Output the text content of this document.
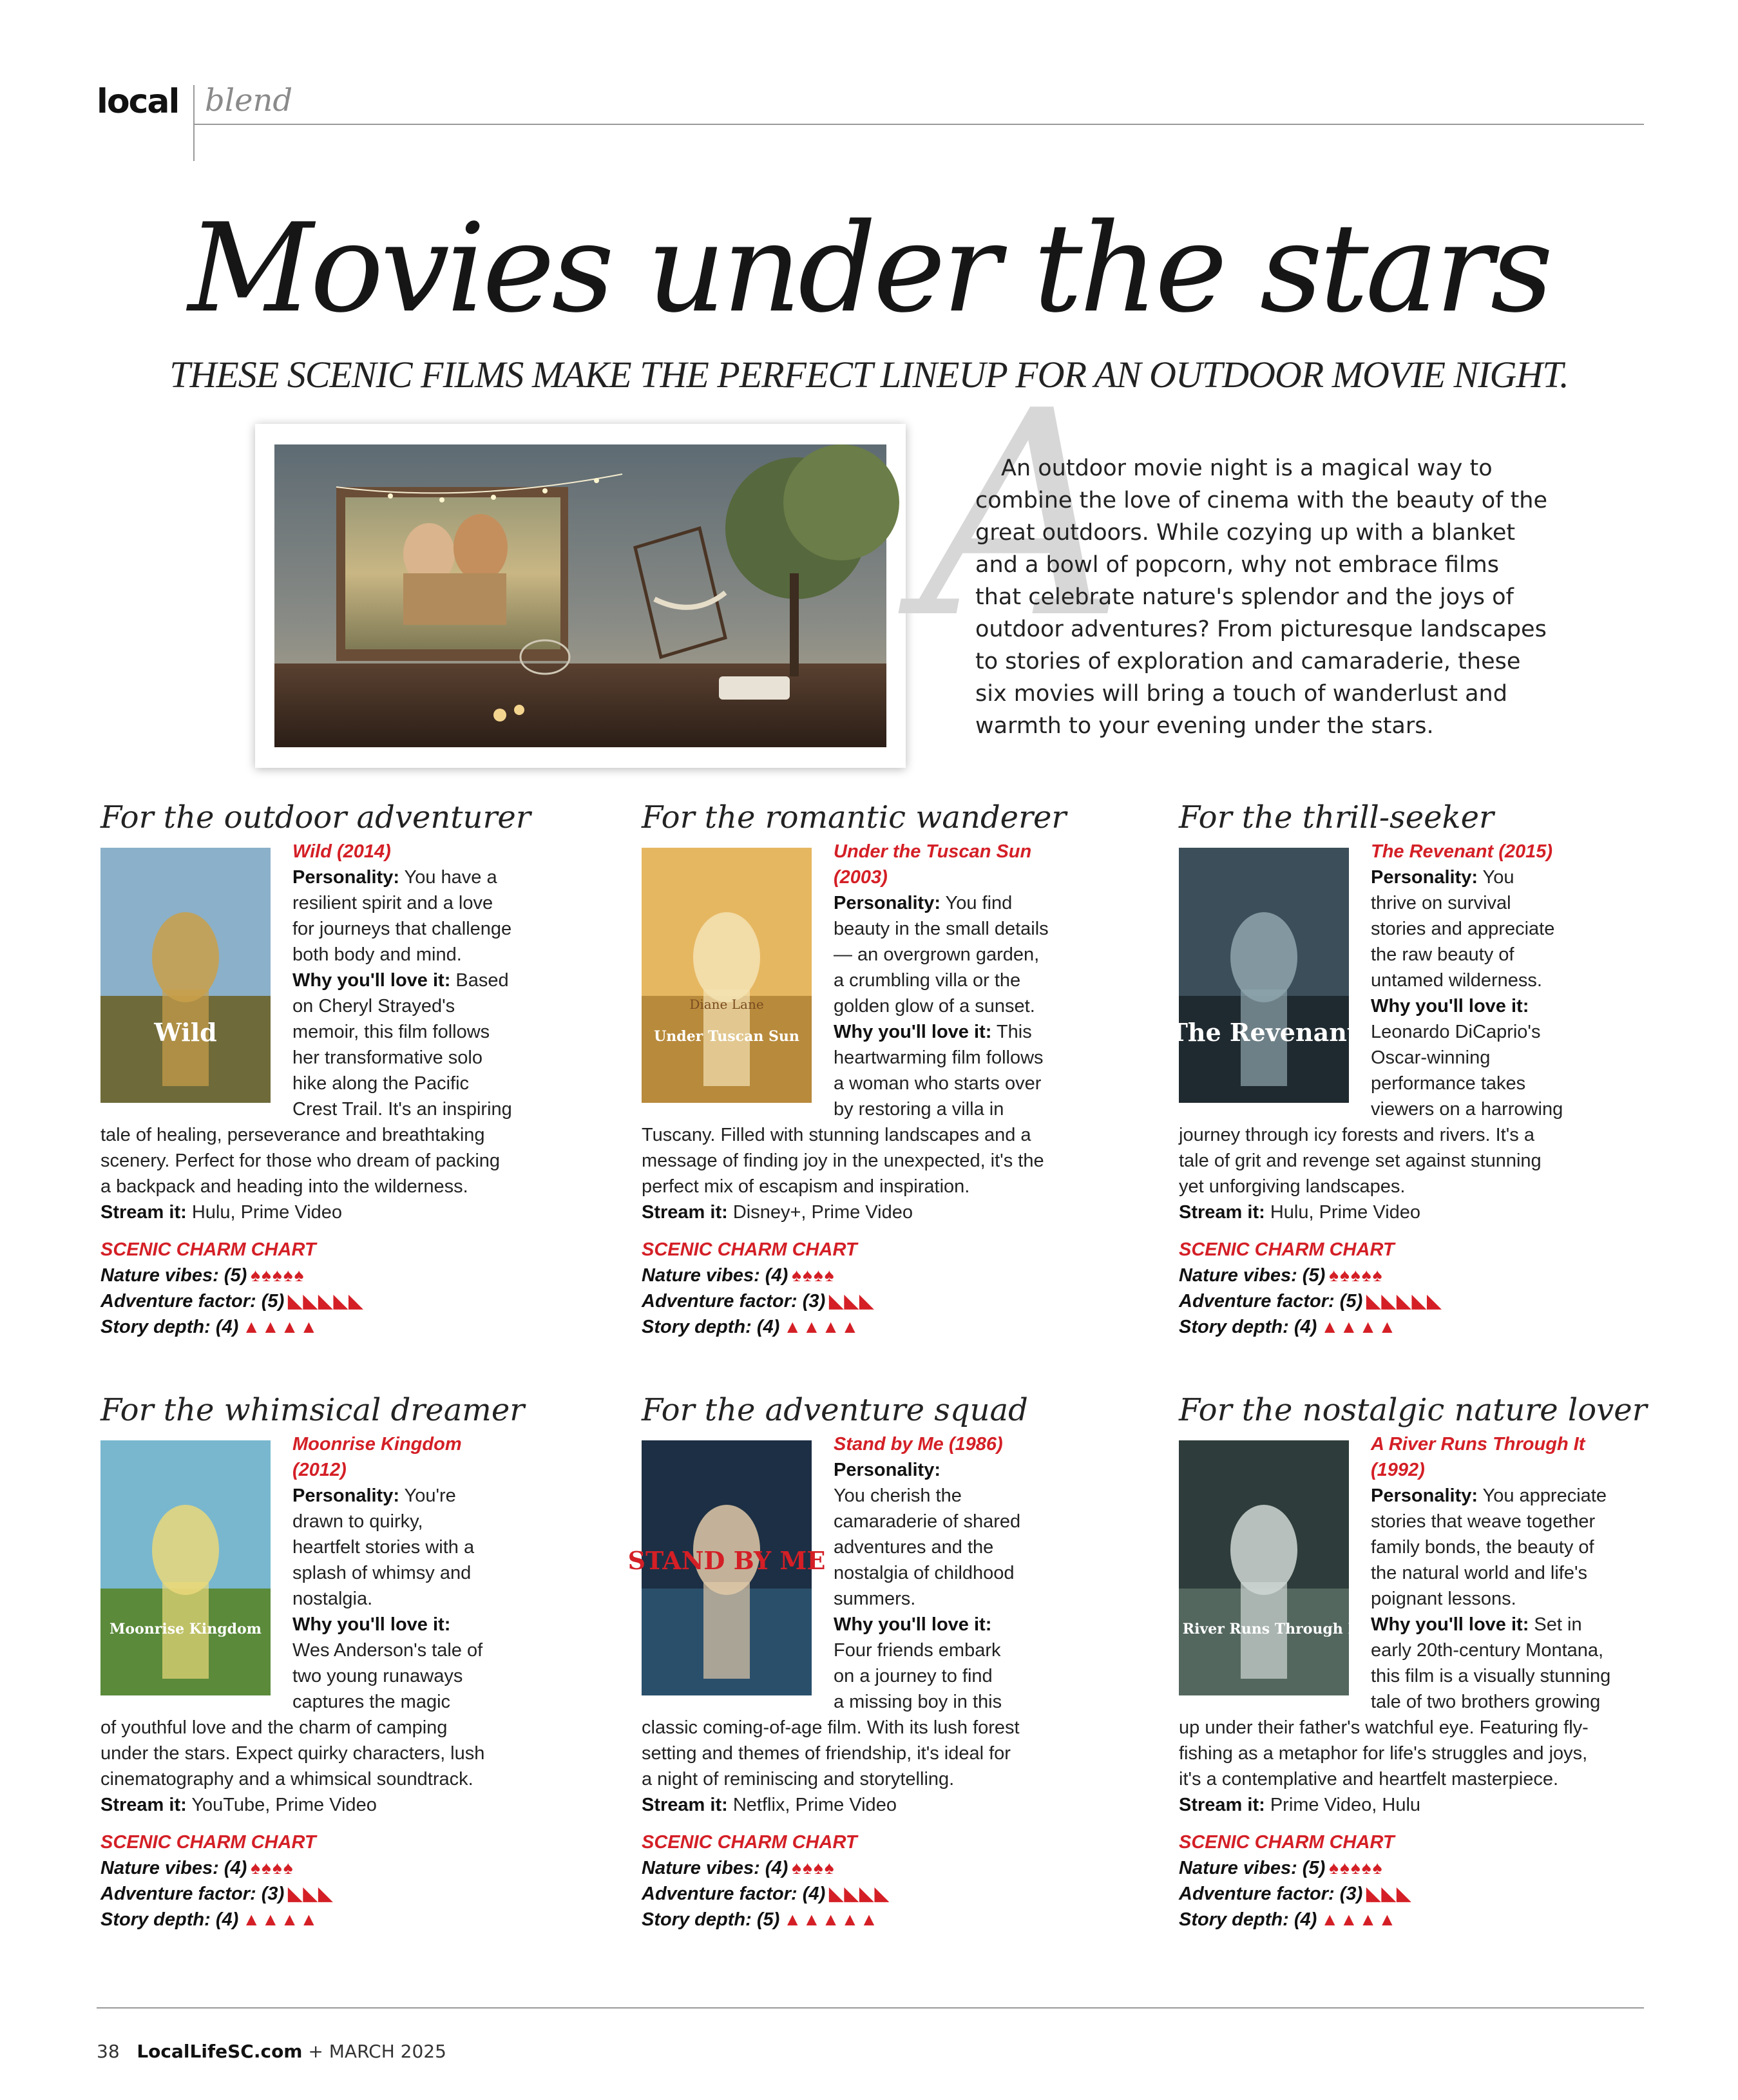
local blend
Movies under the stars
THESE SCENIC FILMS MAKE THE PERFECT LINEUP FOR AN OUTDOOR MOVIE NIGHT.
A
An outdoor movie night is a magical way to
combine the love of cinema with the beauty of the
great outdoors. While cozying up with a blanket
and a bowl of popcorn, why not embrace films
that celebrate nature's splendor and the joys of
outdoor adventures? From picturesque landscapes
to stories of exploration and camaraderie, these
six movies will bring a touch of wanderlust and
warmth to your evening under the stars.
For the outdoor adventurer
Wild
Wild (2014)
Personality: You have a
resilient spirit and a love
for journeys that challenge
both body and mind.
Why you'll love it: Based
on Cheryl Strayed's
memoir, this film follows
her transformative solo
hike along the Pacific
Crest Trail. It's an inspiring
tale of healing, perseverance and breathtaking
scenery. Perfect for those who dream of packing
a backpack and heading into the wilderness.
Stream it: Hulu, Prime Video
SCENIC CHARM CHART
Nature vibes: (5) ♠♠♠♠♠
Adventure factor: (5) ◣◣◣◣◣
Story depth: (4) ▲▲▲▲
For the romantic wanderer
Under Tuscan Sun
Diane Lane
Under the Tuscan Sun
(2003)
Personality: You find
beauty in the small details
— an overgrown garden,
a crumbling villa or the
golden glow of a sunset.
Why you'll love it: This
heartwarming film follows
a woman who starts over
by restoring a villa in
Tuscany. Filled with stunning landscapes and a
message of finding joy in the unexpected, it's the
perfect mix of escapism and inspiration.
Stream it: Disney+, Prime Video
SCENIC CHARM CHART
Nature vibes: (4) ♠♠♠♠
Adventure factor: (3) ◣◣◣
Story depth: (4) ▲▲▲▲
For the thrill-seeker
The Revenant
The Revenant (2015)
Personality: You
thrive on survival
stories and appreciate
the raw beauty of
untamed wilderness.
Why you'll love it:
Leonardo DiCaprio's
Oscar-winning
performance takes
viewers on a harrowing
journey through icy forests and rivers. It's a
tale of grit and revenge set against stunning
yet unforgiving landscapes.
Stream it: Hulu, Prime Video
SCENIC CHARM CHART
Nature vibes: (5) ♠♠♠♠♠
Adventure factor: (5) ◣◣◣◣◣
Story depth: (4) ▲▲▲▲
For the whimsical dreamer
Moonrise Kingdom
Moonrise Kingdom
(2012)
Personality: You're
drawn to quirky,
heartfelt stories with a
splash of whimsy and
nostalgia.
Why you'll love it:
Wes Anderson's tale of
two young runaways
captures the magic
of youthful love and the charm of camping
under the stars. Expect quirky characters, lush
cinematography and a whimsical soundtrack.
Stream it: YouTube, Prime Video
SCENIC CHARM CHART
Nature vibes: (4) ♠♠♠♠
Adventure factor: (3) ◣◣◣
Story depth: (4) ▲▲▲▲
For the adventure squad
STAND BY ME
Stand by Me (1986)
Personality:
You cherish the
camaraderie of shared
adventures and the
nostalgia of childhood
summers.
Why you'll love it:
Four friends embark
on a journey to find
a missing boy in this
classic coming-of-age film. With its lush forest
setting and themes of friendship, it's ideal for
a night of reminiscing and storytelling.
Stream it: Netflix, Prime Video
SCENIC CHARM CHART
Nature vibes: (4) ♠♠♠♠
Adventure factor: (4) ◣◣◣◣
Story depth: (5) ▲▲▲▲▲
For the nostalgic nature lover
A River Runs Through It
A River Runs Through It
(1992)
Personality: You appreciate
stories that weave together
family bonds, the beauty of
the natural world and life's
poignant lessons.
Why you'll love it: Set in
early 20th-century Montana,
this film is a visually stunning
tale of two brothers growing
up under their father's watchful eye. Featuring fly-
fishing as a metaphor for life's struggles and joys,
it's a contemplative and heartfelt masterpiece.
Stream it: Prime Video, Hulu
SCENIC CHARM CHART
Nature vibes: (5) ♠♠♠♠♠
Adventure factor: (3) ◣◣◣
Story depth: (4) ▲▲▲▲
38 LocalLifeSC.com + MARCH 2025
